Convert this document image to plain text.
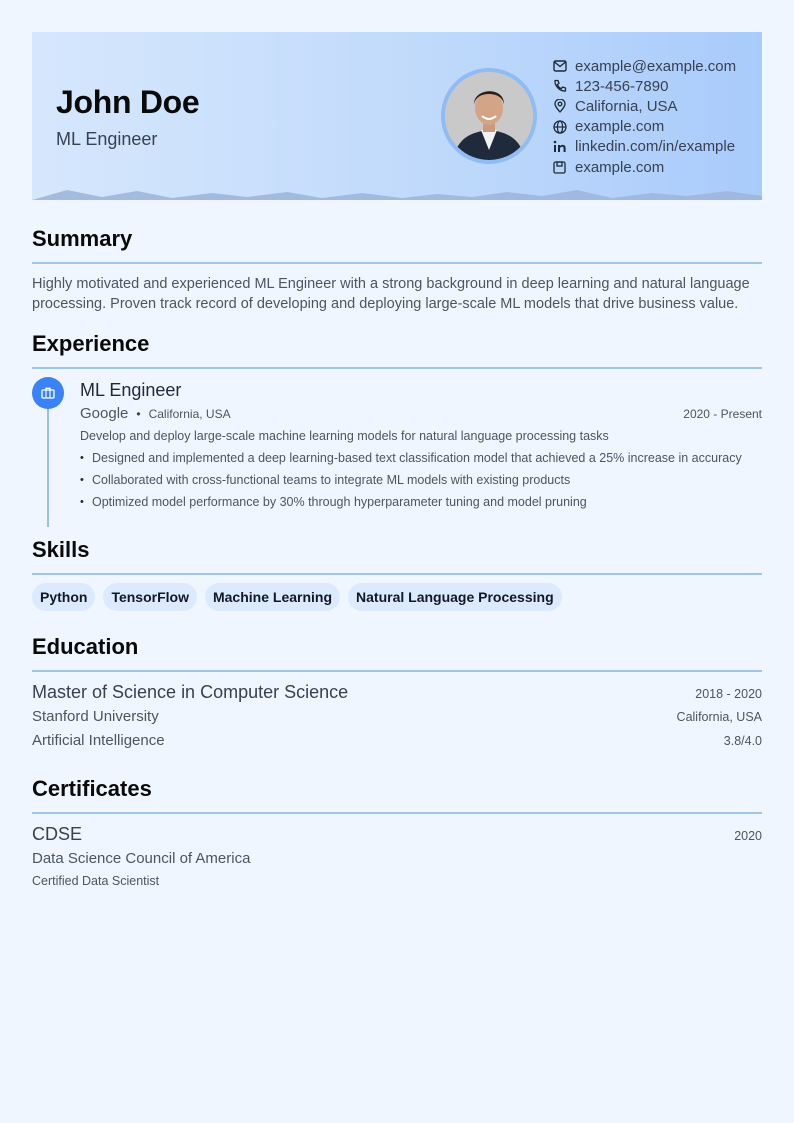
John Doe
ML Engineer
example@example.com
123-456-7890
California, USA
example.com
linkedin.com/in/example
example.com
Summary
Highly motivated and experienced ML Engineer with a strong background in deep learning and natural language processing. Proven track record of developing and deploying large-scale ML models that drive business value.
Experience
ML Engineer
Google • California, USA	2020 - Present
Develop and deploy large-scale machine learning models for natural language processing tasks
• Designed and implemented a deep learning-based text classification model that achieved a 25% increase in accuracy
• Collaborated with cross-functional teams to integrate ML models with existing products
• Optimized model performance by 30% through hyperparameter tuning and model pruning
Skills
Python	TensorFlow	Machine Learning	Natural Language Processing
Education
Master of Science in Computer Science	2018 - 2020
Stanford University	California, USA
Artificial Intelligence	3.8/4.0
Certificates
CDSE	2020
Data Science Council of America
Certified Data Scientist
